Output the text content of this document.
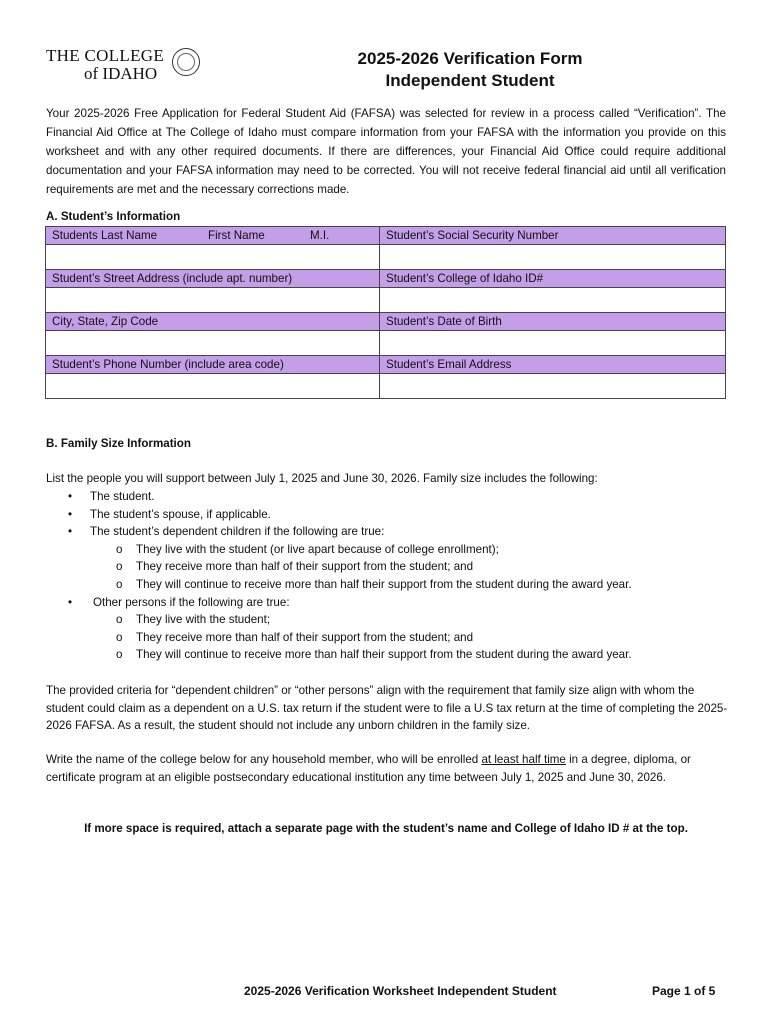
THE COLLEGE
of IDAHO
2025-2026 Verification Form
Independent Student
Your 2025-2026 Free Application for Federal Student Aid (FAFSA) was selected for review in a process called “Verification”. The Financial Aid Office at The College of Idaho must compare information from your FAFSA with the information you provide on this worksheet and with any other required documents. If there are differences, your Financial Aid Office could require additional documentation and your FAFSA information may need to be corrected. You will not receive federal financial aid until all verification requirements are met and the necessary corrections made.
A. Student’s Information
Students Last Name First Name M.I.	Student’s Social Security Number

Student’s Street Address (include apt. number)	Student’s College of Idaho ID#

City, State, Zip Code	Student’s Date of Birth

Student’s Phone Number (include area code)	Student’s Email Address

B. Family Size Information
List the people you will support between July 1, 2025 and June 30, 2026. Family size includes the following:
• The student.
• The student’s spouse, if applicable.
• The student’s dependent children if the following are true:
o They live with the student (or live apart because of college enrollment);
o They receive more than half of their support from the student; and
o They will continue to receive more than half their support from the student during the award year.
• Other persons if the following are true:
o They live with the student;
o They receive more than half of their support from the student; and
o They will continue to receive more than half their support from the student during the award year.
The provided criteria for “dependent children” or “other persons” align with the requirement that family size align with whom the student could claim as a dependent on a U.S. tax return if the student were to file a U.S tax return at the time of completing the 2025-2026 FAFSA. As a result, the student should not include any unborn children in the family size.
Write the name of the college below for any household member, who will be enrolled at least half time in a degree, diploma, or certificate program at an eligible postsecondary educational institution any time between July 1, 2025 and June 30, 2026.
If more space is required, attach a separate page with the student’s name and College of Idaho ID # at the top.
2025-2026 Verification Worksheet Independent Student	Page 1 of 5
